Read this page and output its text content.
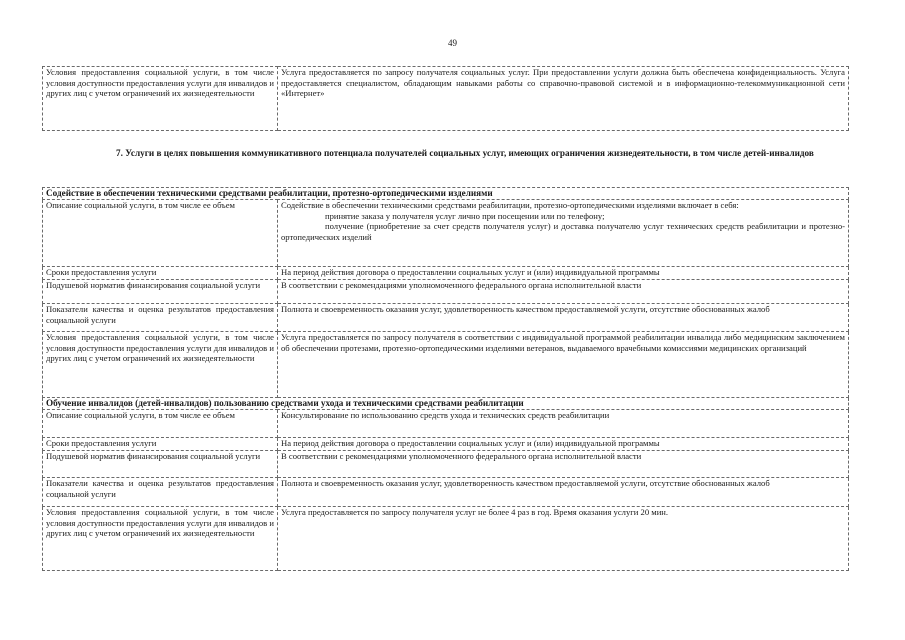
49
Условия предоставления социальной услуги, в том числе условия доступности предоставления услуги для инвалидов и других лиц с учетом ограничений их жизнедеятельности	Услуга предоставляется по запросу получателя социальных услуг. При предоставлении услуги должна быть обеспечена конфиденциальность. Услуга предоставляется специалистом, обладающим навыками работы со справочно-правовой системой и в информационно-телекоммуникационной сети «Интернет»
7. Услуги в целях повышения коммуникативного потенциала получателей социальных услуг, имеющих ограничения жизнедеятельности, в том числе детей-инвалидов
Содействие в обеспечении техническими средствами реабилитации, протезно-ортопедическими изделиями	
Описание социальной услуги, в том числе ее объем	Содействие в обеспечении техническими средствами реабилитации, протезно-ортопедическими изделиями включает в себя:
принятие заказа у получателя услуг лично при посещении или по телефону;
получение (приобретение за счет средств получателя услуг) и доставка получателю услуг технических средств реабилитации и протезно-ортопедических изделий

Сроки предоставления услуги	На период действия договора о предоставлении социальных услуг и (или) индивидуальной программы
Подушевой норматив финансирования социальной услуги	В соответствии с рекомендациями уполномоченного федерального органа исполнительной власти
Показатели качества и оценка результатов предоставления социальной услуги	Полнота и своевременность оказания услуг, удовлетворенность качеством предоставляемой услуги, отсутствие обоснованных жалоб
Условия предоставления социальной услуги, в том числе условия доступности предоставления услуги для инвалидов и других лиц с учетом ограничений их жизнедеятельности	Услуга предоставляется по запросу получателя в соответствии с индивидуальной программой реабилитации инвалида либо медицинским заключением об обеспечении протезами, протезно-ортопедическими изделиями ветеранов, выдаваемого врачебными комиссиями медицинских организаций
Обучение инвалидов (детей-инвалидов) пользованию средствами ухода и техническими средствами реабилитации	
Описание социальной услуги, в том числе ее объем	Консультирование по использованию средств ухода и технических средств реабилитации
Сроки предоставления услуги	На период действия договора о предоставлении социальных услуг и (или) индивидуальной программы
Подушевой норматив финансирования социальной услуги	В соответствии с рекомендациями уполномоченного федерального органа исполнительной власти
Показатели качества и оценка результатов предоставления социальной услуги	Полнота и своевременность оказания услуг, удовлетворенность качеством предоставляемой услуги, отсутствие обоснованных жалоб
Условия предоставления социальной услуги, в том числе условия доступности предоставления услуги для инвалидов и других лиц с учетом ограничений их жизнедеятельности	Услуга предоставляется по запросу получателя услуг не более 4 раз в год. Время оказания услуги 20 мин.
